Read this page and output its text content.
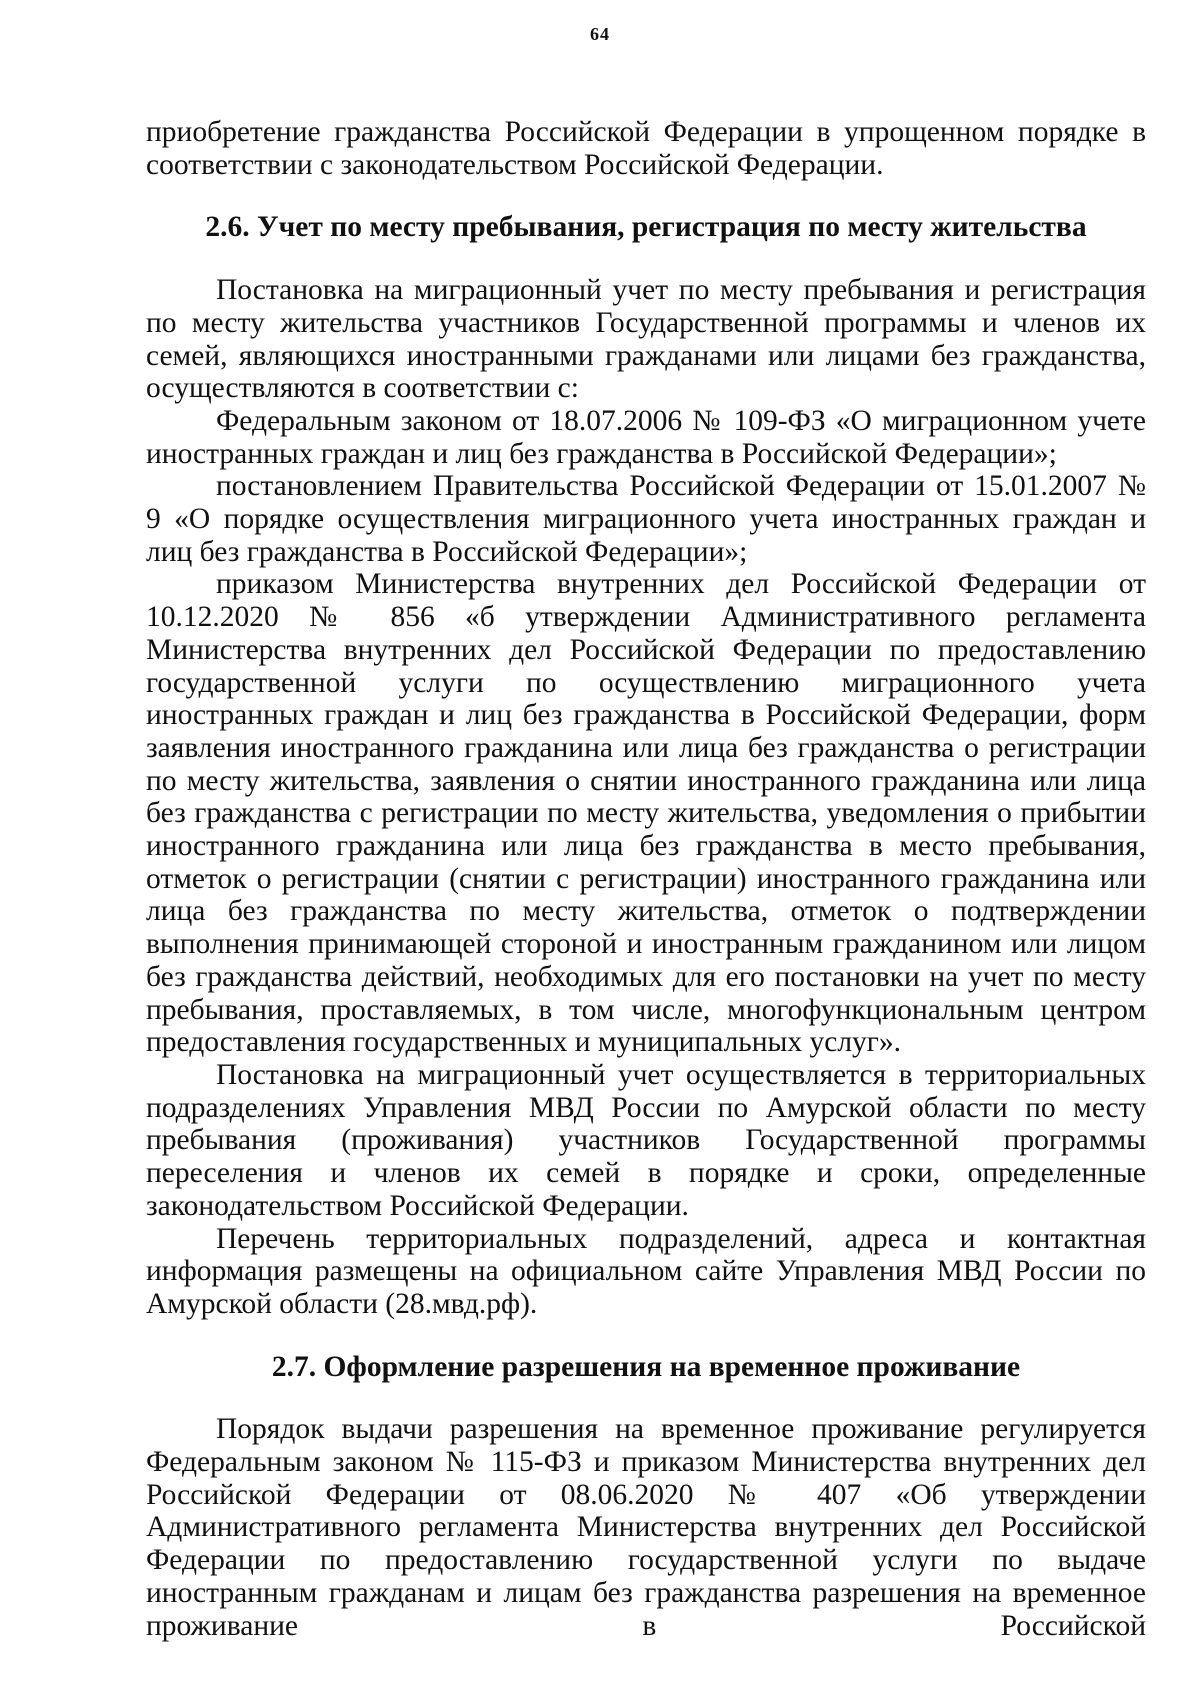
64

приобретение гражданства Российской Федерации в упрощенном порядке в соответствии с законодательством Российской Федерации.

2.6. Учет по месту пребывания, регистрация по месту жительства

Постановка на миграционный учет по месту пребывания и регистрация по месту жительства участников Государственной программы и членов их семей, являющихся иностранными гражданами или лицами без гражданства, осуществляются в соответствии с:

Федеральным законом от 18.07.2006 № 109-ФЗ «О миграционном учете иностранных граждан и лиц без гражданства в Российской Федерации»;

постановлением Правительства Российской Федерации от 15.01.2007 № 9 «О порядке осуществления миграционного учета иностранных граждан и лиц без гражданства в Российской Федерации»;

приказом Министерства внутренних дел Российской Федерации от 10.12.2020 № 856 «б утверждении Административного регламента Министерства внутренних дел Российской Федерации по предоставлению государственной услуги по осуществлению миграционного учета иностранных граждан и лиц без гражданства в Российской Федерации, форм заявления иностранного гражданина или лица без гражданства о регистрации по месту жительства, заявления о снятии иностранного гражданина или лица без гражданства с регистрации по месту жительства, уведомления о прибытии иностранного гражданина или лица без гражданства в место пребывания, отметок о регистрации (снятии с регистрации) иностранного гражданина или лица без гражданства по месту жительства, отметок о подтверждении выполнения принимающей стороной и иностранным гражданином или лицом без гражданства действий, необходимых для его постановки на учет по месту пребывания, проставляемых, в том числе, многофункциональным центром предоставления государственных и муниципальных услуг».

Постановка на миграционный учет осуществляется в территориальных подразделениях Управления МВД России по Амурской области по месту пребывания (проживания) участников Государственной программы переселения и членов их семей в порядке и сроки, определенные законодательством Российской Федерации.

Перечень территориальных подразделений, адреса и контактная информация размещены на официальном сайте Управления МВД России по Амурской области (28.мвд.рф).

2.7. Оформление разрешения на временное проживание

Порядок выдачи разрешения на временное проживание регулируется Федеральным законом № 115-ФЗ и приказом Министерства внутренних дел Российской Федерации от 08.06.2020 № 407 «Об утверждении Административного регламента Министерства внутренних дел Российской Федерации по предоставлению государственной услуги по выдаче иностранным гражданам и лицам без гражданства разрешения на временное проживание в Российской
